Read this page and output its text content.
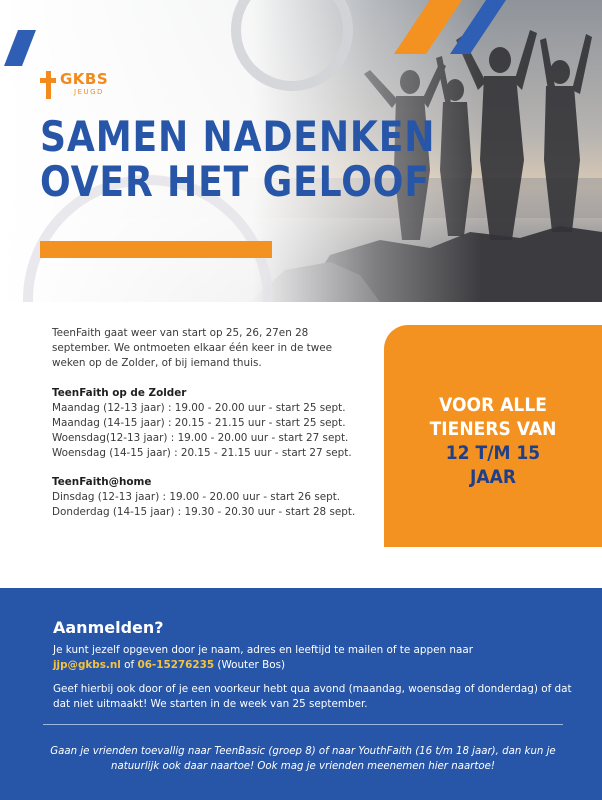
GKBS
JEUGD
SAMEN NADENKEN
OVER HET GELOOF

TeenFaith gaat weer van start op 25, 26, 27en 28

september. We ontmoeten elkaar één keer in de twee

weken op de Zolder, of bij iemand thuis.

TeenFaith op de Zolder

Maandag (12-13 jaar) : 19.00 - 20.00 uur - start 25 sept.

Maandag (14-15 jaar) : 20.15 - 21.15 uur - start 25 sept.

Woensdag(12-13 jaar) : 19.00 - 20.00 uur - start 27 sept.

Woensdag (14-15 jaar) : 20.15 - 21.15 uur - start 27 sept.

TeenFaith@home

Dinsdag (12-13 jaar) : 19.00 - 20.00 uur - start 26 sept.

Donderdag (14-15 jaar) : 19.30 - 20.30 uur - start 28 sept.

VOOR ALLE
TIENERS VAN
12 T/M 15
JAAR
Aanmelden?
Je kunt jezelf opgeven door je naam, adres en leeftijd te mailen of te appen naar
jjp@gkbs.nl of 06-15276235 (Wouter Bos)
Geef hierbij ook door of je een voorkeur hebt qua avond (maandag, woensdag of donderdag) of dat dat niet uitmaakt! We starten in de week van 25 september.
Gaan je vrienden toevallig naar TeenBasic (groep 8) of naar YouthFaith (16 t/m 18 jaar), dan kun je natuurlijk ook daar naartoe! Ook mag je vrienden meenemen hier naartoe!
